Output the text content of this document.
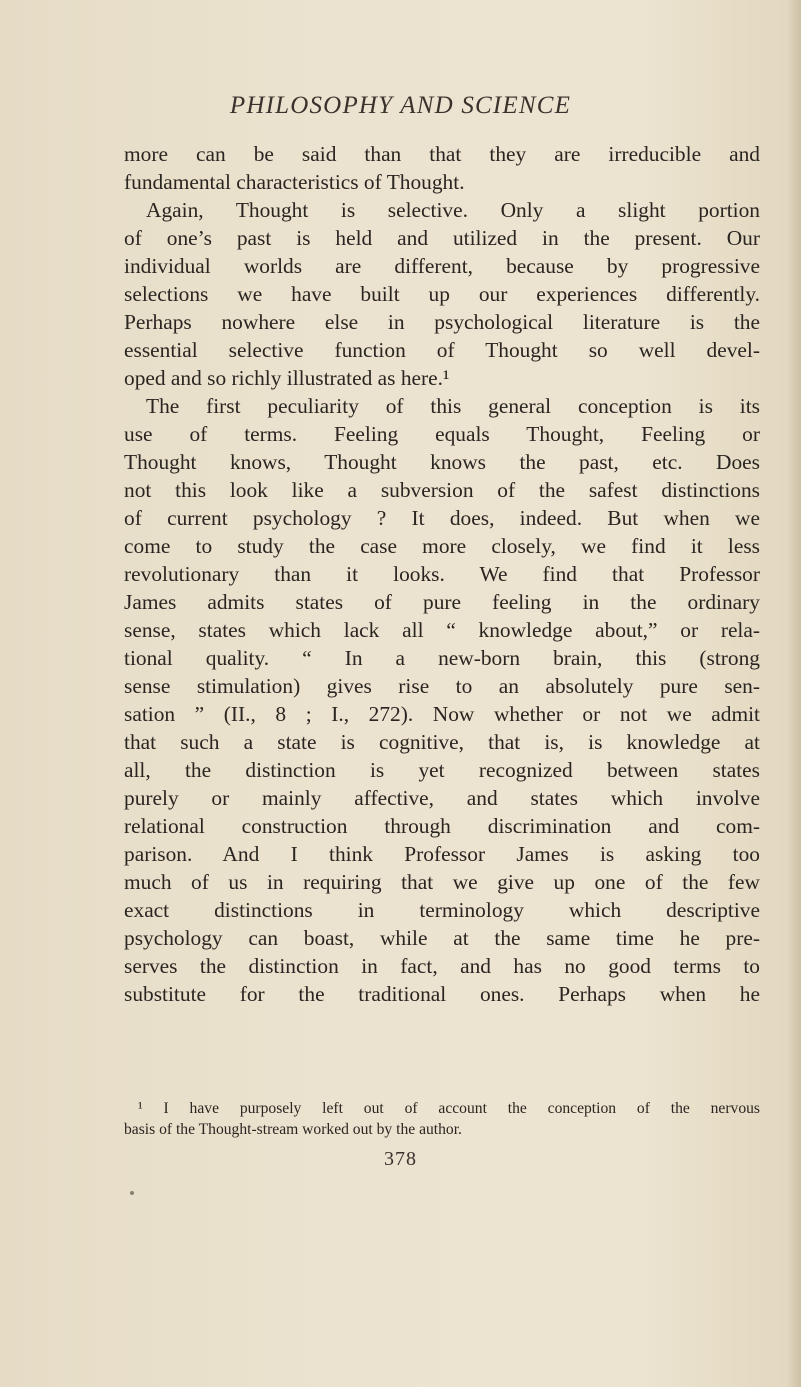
PHILOSOPHY AND SCIENCE
more can be said than that they are irreducible and
fundamental characteristics of Thought.
Again, Thought is selective. Only a slight portion
of one’s past is held and utilized in the present. Our
individual worlds are different, because by progressive
selections we have built up our experiences differently.
Perhaps nowhere else in psychological literature is the
essential selective function of Thought so well devel-
oped and so richly illustrated as here.¹
The first peculiarity of this general conception is its
use of terms. Feeling equals Thought, Feeling or
Thought knows, Thought knows the past, etc. Does
not this look like a subversion of the safest distinctions
of current psychology ? It does, indeed. But when we
come to study the case more closely, we find it less
revolutionary than it looks. We find that Professor
James admits states of pure feeling in the ordinary
sense, states which lack all “ knowledge about,” or rela-
tional quality. “ In a new-born brain, this (strong
sense stimulation) gives rise to an absolutely pure sen-
sation ” (II., 8 ; I., 272). Now whether or not we admit
that such a state is cognitive, that is, is knowledge at
all, the distinction is yet recognized between states
purely or mainly affective, and states which involve
relational construction through discrimination and com-
parison. And I think Professor James is asking too
much of us in requiring that we give up one of the few
exact distinctions in terminology which descriptive
psychology can boast, while at the same time he pre-
serves the distinction in fact, and has no good terms to
substitute for the traditional ones. Perhaps when he
¹ I have purposely left out of account the conception of the nervous
basis of the Thought-stream worked out by the author.
378
